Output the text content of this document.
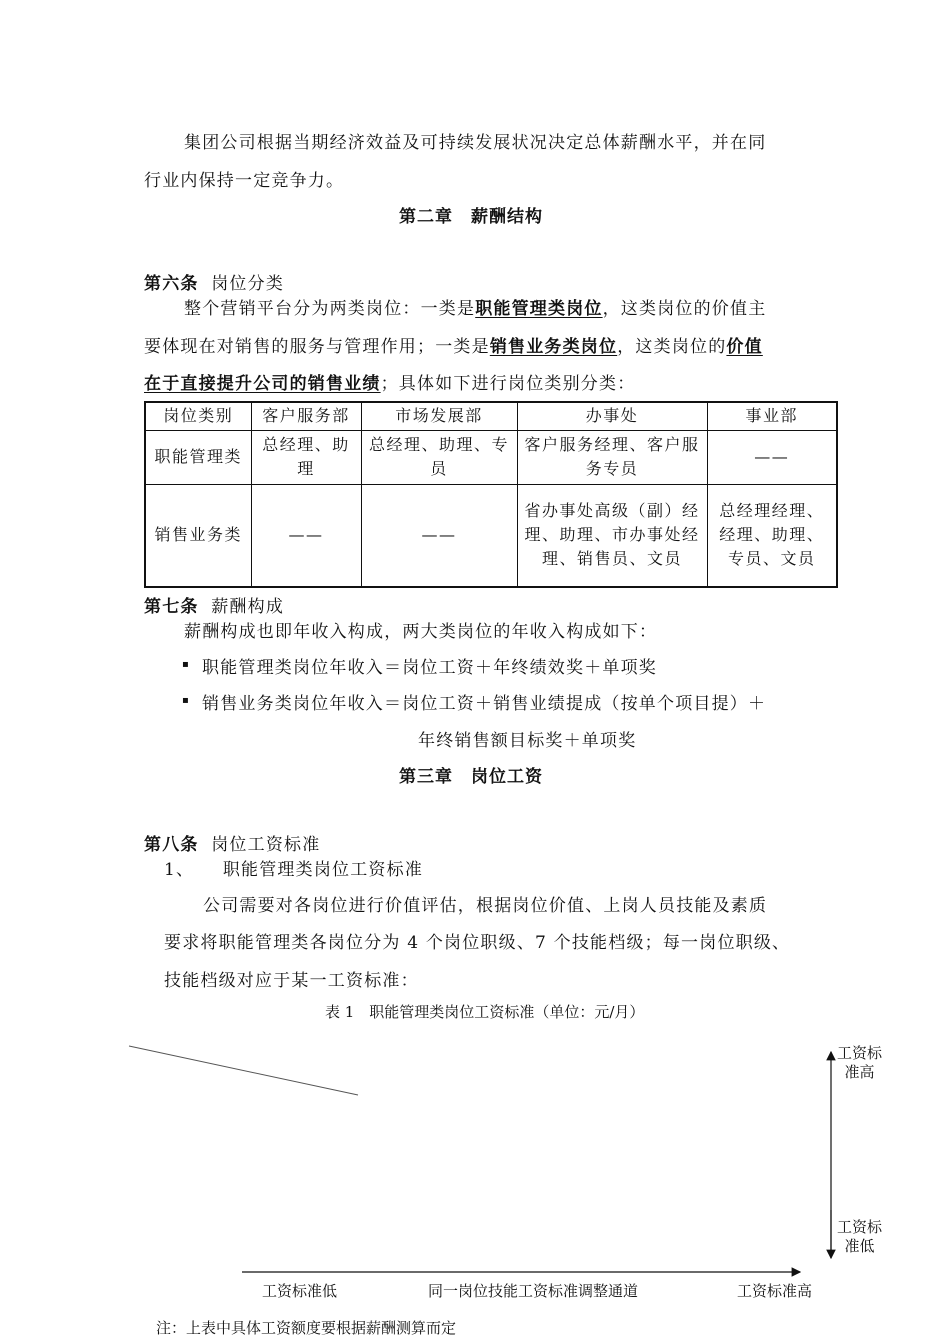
集团公司根据当期经济效益及可持续发展状况决定总体薪酬水平，并在同
行业内保持一定竞争力。
第二章　薪酬结构
第六条 岗位分类
整个营销平台分为两类岗位：一类是职能管理类岗位，这类岗位的价值主
要体现在对销售的服务与管理作用；一类是销售业务类岗位，这类岗位的价值
在于直接提升公司的销售业绩；具体如下进行岗位类别分类：
岗位类别	客户服务部	市场发展部	办事处	事业部
职能管理类	总经理、助理	总经理、助理、专员	客户服务经理、客户服务专员	——
销售业务类	——	——	省办事处高级（副）经理、助理、市办事处经理、销售员、文员	总经理经理、经理、助理、专员、文员
第七条 薪酬构成
薪酬构成也即年收入构成，两大类岗位的年收入构成如下：
▪ 职能管理类岗位年收入＝岗位工资＋年终绩效奖＋单项奖
▪ 销售业务类岗位年收入＝岗位工资＋销售业绩提成（按单个项目提）＋
年终销售额目标奖＋单项奖
第三章　岗位工资
第八条 岗位工资标准
1、 职能管理类岗位工资标准
公司需要对各岗位进行价值评估，根据岗位价值、上岗人员技能及素质
要求将职能管理类各岗位分为 4 个岗位职级、7 个技能档级；每一岗位职级、
技能档级对应于某一工资标准：
表 1　职能管理类岗位工资标准（单位：元/月）
工资标
准高
工资标
准低
工资标准低	同一岗位技能工资标准调整通道	工资标准高
注：上表中具体工资额度要根据薪酬测算而定
